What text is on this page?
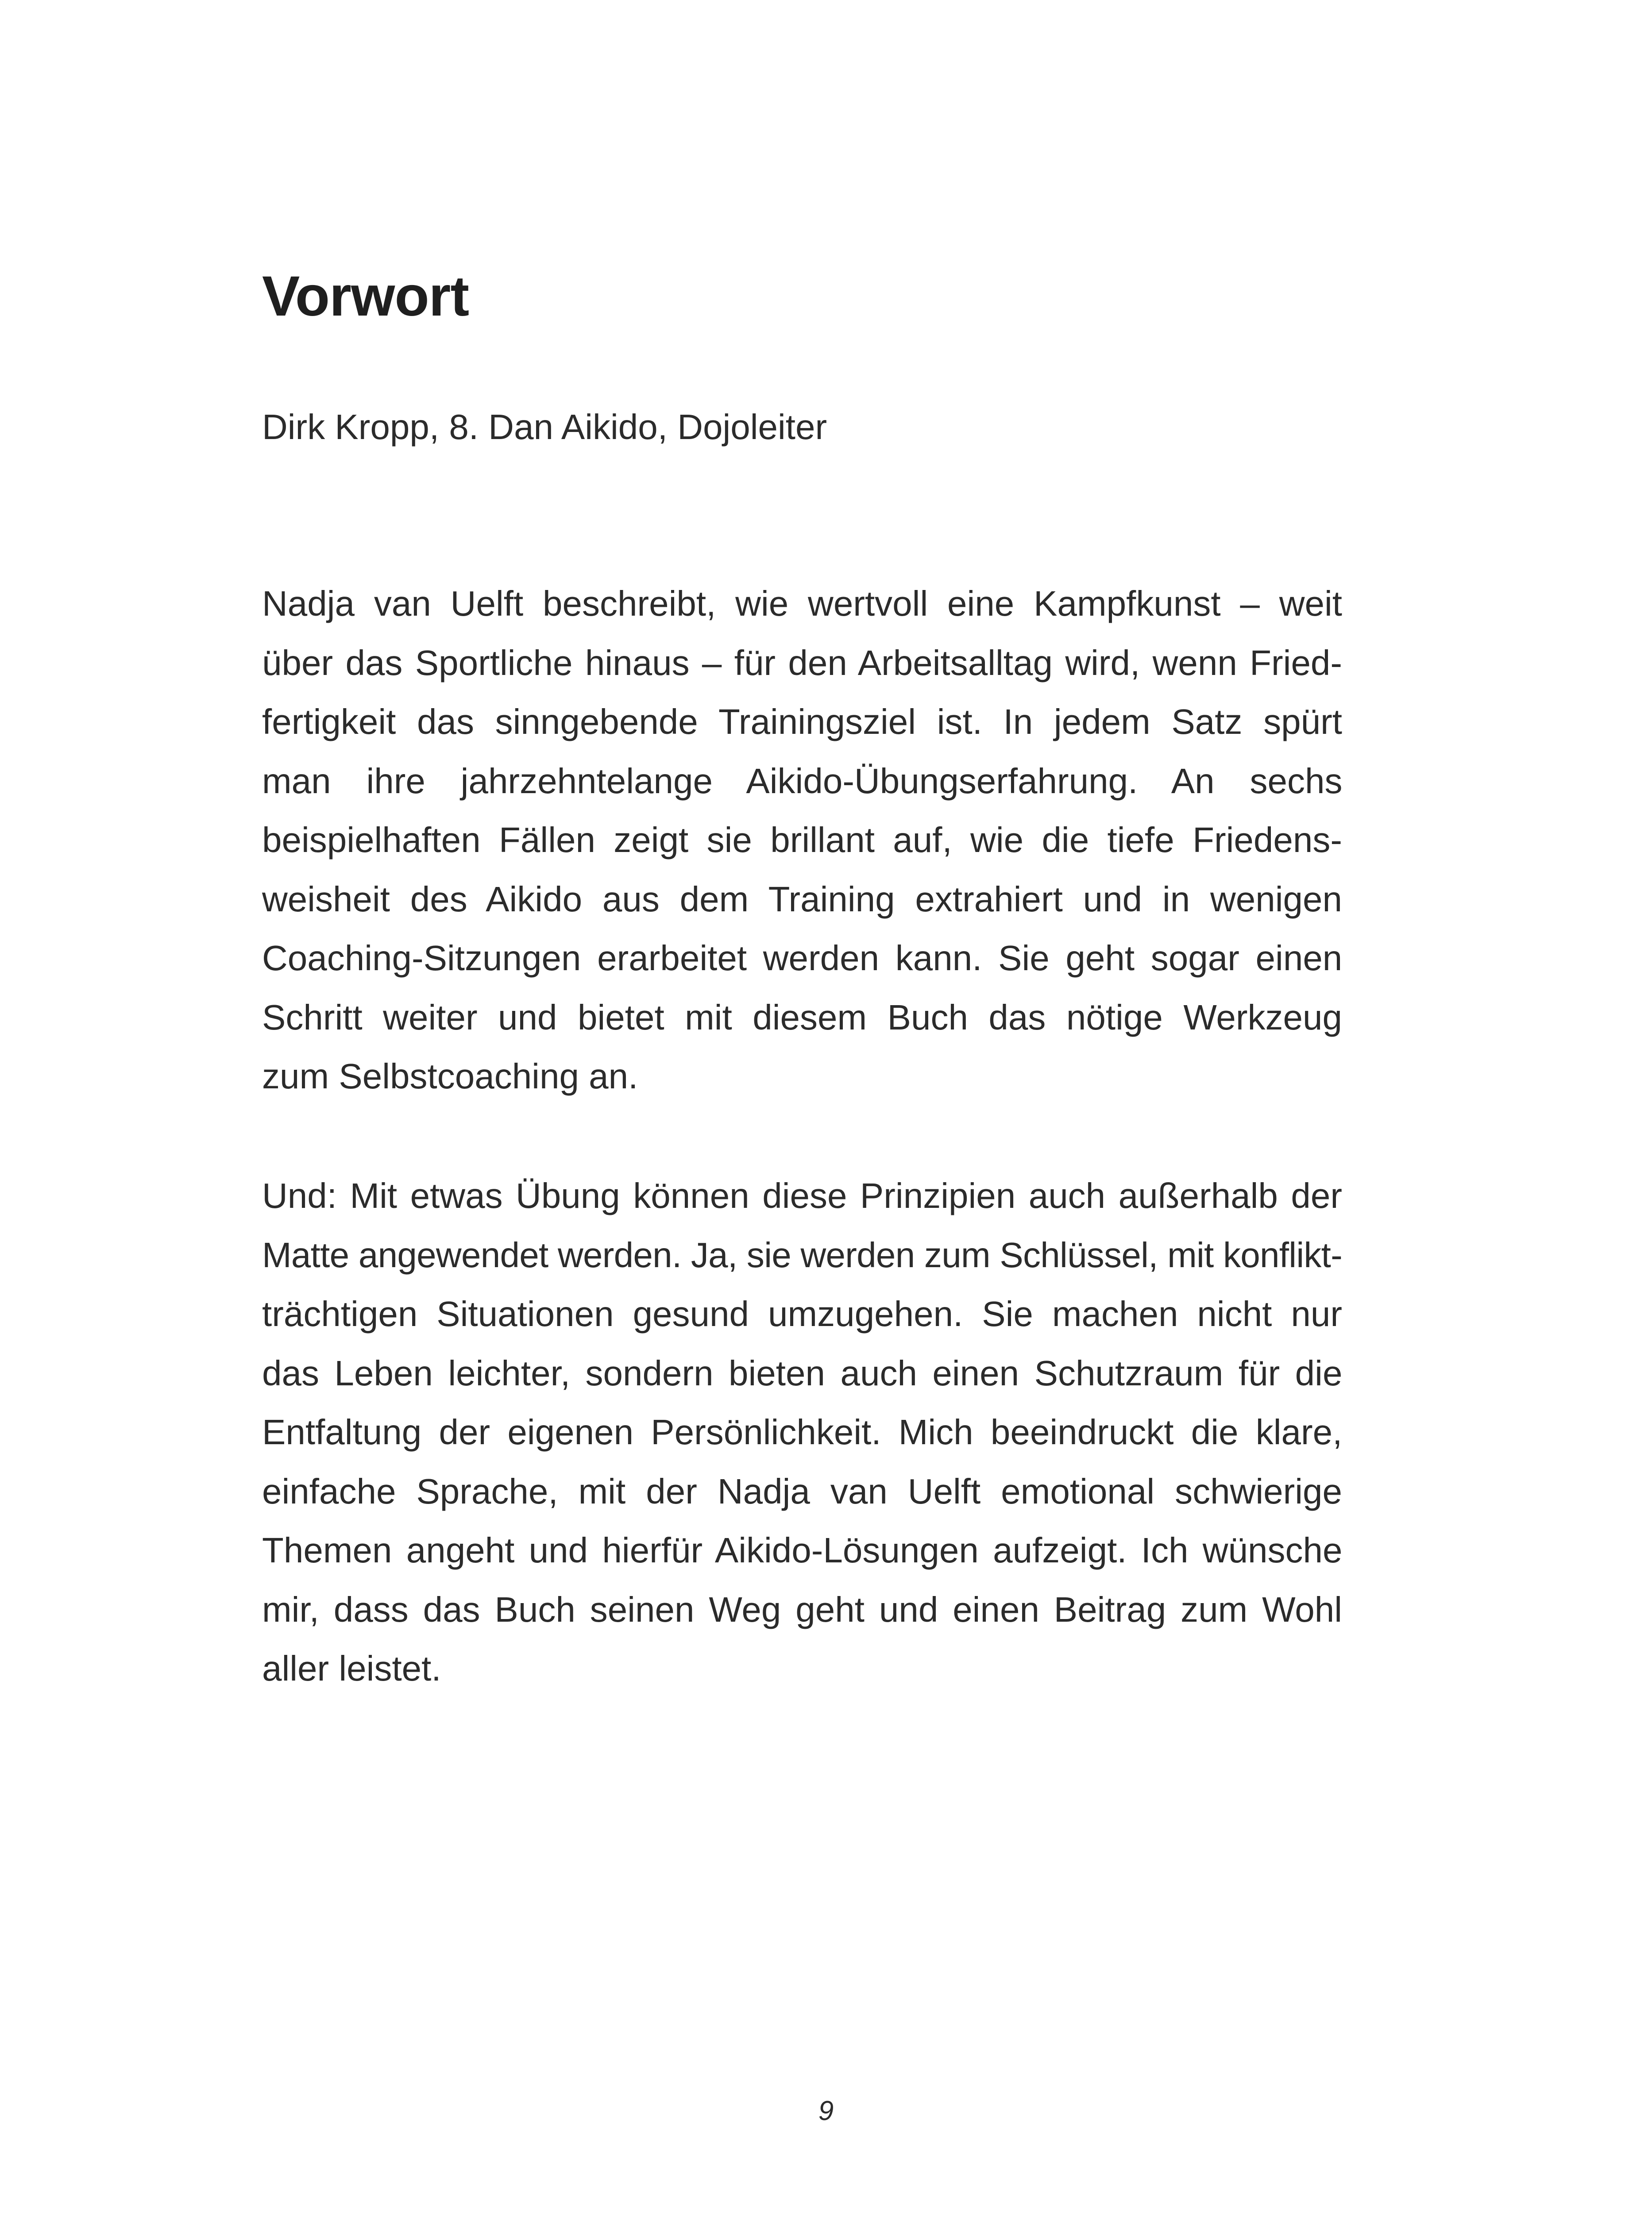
Vorwort

Dirk Kropp, 8. Dan Aikido, Dojoleiter

Nadja van Uelft beschreibt, wie wertvoll eine Kampfkunst – weit
über das Sportliche hinaus – für den Arbeitsalltag wird, wenn Fried-
fertigkeit das sinngebende Trainingsziel ist. In jedem Satz spürt
man ihre jahrzehntelange Aikido-Übungserfahrung. An sechs
beispielhaften Fällen zeigt sie brillant auf, wie die tiefe Friedens-
weisheit des Aikido aus dem Training extrahiert und in wenigen
Coaching-Sitzungen erarbeitet werden kann. Sie geht sogar einen
Schritt weiter und bietet mit diesem Buch das nötige Werkzeug
zum Selbstcoaching an.

Und: Mit etwas Übung können diese Prinzipien auch außerhalb der
Matte angewendet werden. Ja, sie werden zum Schlüssel, mit konflikt-
trächtigen Situationen gesund umzugehen. Sie machen nicht nur
das Leben leichter, sondern bieten auch einen Schutzraum für die
Entfaltung der eigenen Persönlichkeit. Mich beeindruckt die klare,
einfache Sprache, mit der Nadja van Uelft emotional schwierige
Themen angeht und hierfür Aikido-Lösungen aufzeigt. Ich wünsche
mir, dass das Buch seinen Weg geht und einen Beitrag zum Wohl
aller leistet.

9
